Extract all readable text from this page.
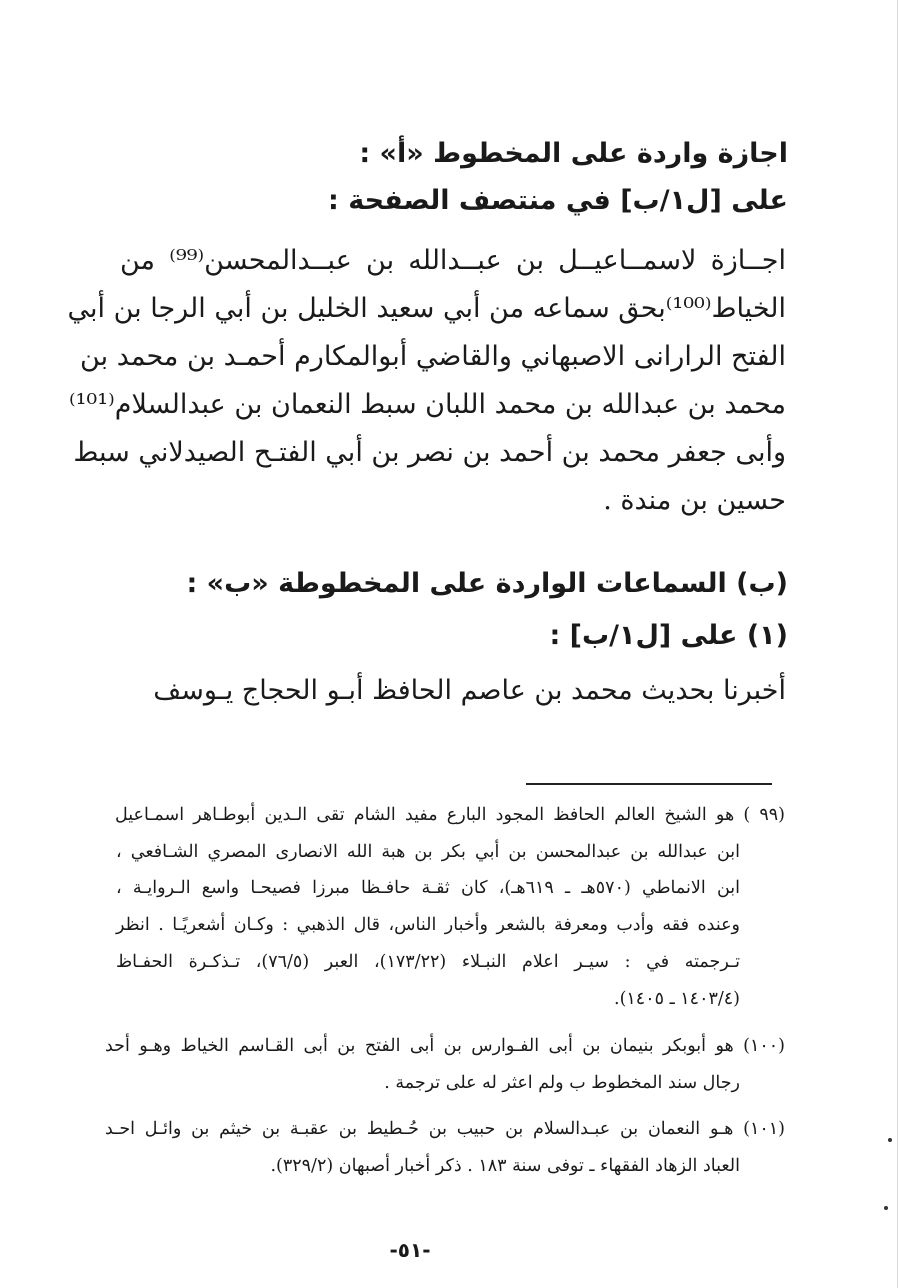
اجازة واردة على المخطوط «أ» :
على [ل١/ب] في منتصف الصفحة :
اجــازة لاسمــاعيــل بن عبــدالله بن عبــدالمحسن⁽⁹⁹⁾ من
الخياط⁽¹⁰⁰⁾بحق سماعه من أبي سعيد الخليل بن أبي الرجا بن أبي
الفتح الرارانى الاصبهاني والقاضي أبوالمكارم أحمـد بن محمد بن
محمد بن عبدالله بن محمد اللبان سبط النعمان بن عبدالسلام⁽¹⁰¹⁾
وأبى جعفر محمد بن أحمد بن نصر بن أبي الفتـح الصيدلاني سبط
حسين بن مندة .
(ب) السماعات الواردة على المخطوطة «ب» :
(١) على [ل١/ب] :
أخبرنا بحديث محمد بن عاصم الحافظ أبـو الحجاج يـوسف
(٩٩ ) هو الشيخ العالم الحافظ المجود البارع مفيد الشام تقى الـدين أبوطـاهر اسمـاعيل
ابن عبدالله بن عبدالمحسن بن أبي بكر بن هبة الله الانصارى المصري الشـافعي ،
ابن الانماطي (٥٧٠هـ ـ ٦١٩هـ)، كان ثقـة حافـظا مبرزا فصيحـا واسع الـروايـة ،
وعنده فقه وأدب ومعرفة بالشعر وأخبار الناس، قال الذهبي : وكـان أشعريًـا . انظر
تـرجمته في : سيـر اعلام النبـلاء (١٧٣/٢٢)، العبر (٧٦/٥)، تـذكـرة الحفـاظ
(١٤٠٣/٤ ـ ١٤٠٥).
(١٠٠) هو أبوبكر بنيمان بن أبى الفـوارس بن أبى الفتح بن أبى القـاسم الخياط وهـو أحد
رجال سند المخطوط ب ولم اعثر له على ترجمة .
(١٠١) هـو النعمان بن عبـدالسلام بن حبيب بن حُـطيط بن عقبـة بن خيثم بن وائـل احـد
العباد الزهاد الفقهاء ـ توفى سنة ١٨٣ . ذكر أخبار أصبهان (٣٢٩/٢).
-٥١-
